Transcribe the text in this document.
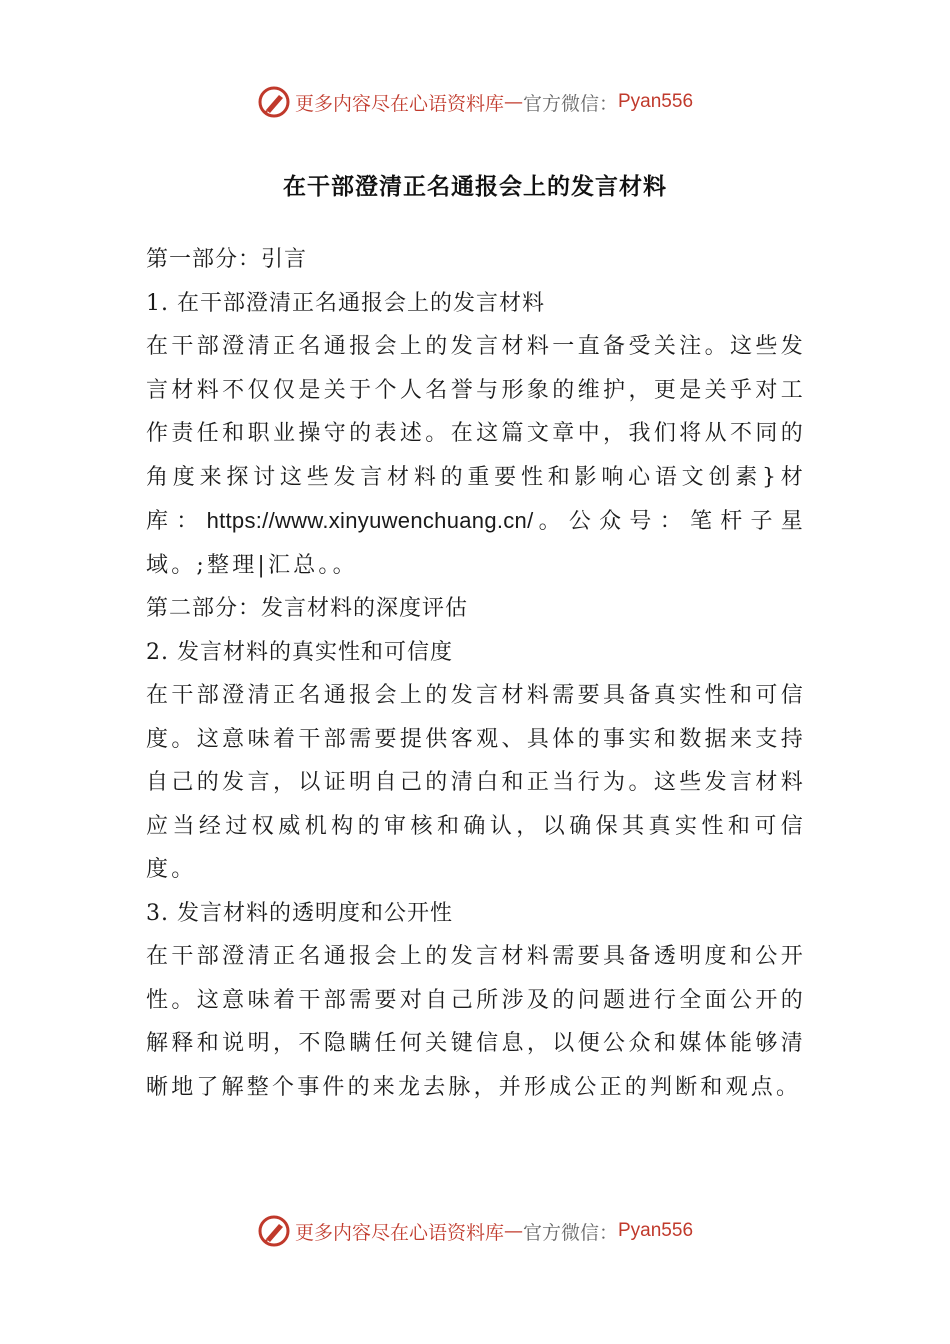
更多内容尽在心语资料库 — 官方微信： Pyan556
在干部澄清正名通报会上的发言材料

第一部分：引言

1. 在干部澄清正名通报会上的发言材料

在干部澄清正名通报会上的发言材料一直备受关注。这些发言材料不仅仅是关于个人名誉与形象的维护，更是关乎对工作责任和职业操守的表述。在这篇文章中，我们将从不同的角度来探讨这些发言材料的重要性和影响心语文创素}材库：https://www.xinyuwenchuang.cn/。公众号：笔杆子星域。;整理|汇总。。

第二部分：发言材料的深度评估

2. 发言材料的真实性和可信度

在干部澄清正名通报会上的发言材料需要具备真实性和可信度。这意味着干部需要提供客观、具体的事实和数据来支持自己的发言，以证明自己的清白和正当行为。这些发言材料应当经过权威机构的审核和确认，以确保其真实性和可信度。

3. 发言材料的透明度和公开性

在干部澄清正名通报会上的发言材料需要具备透明度和公开性。这意味着干部需要对自己所涉及的问题进行全面公开的解释和说明，不隐瞒任何关键信息，以便公众和媒体能够清晰地了解整个事件的来龙去脉，并形成公正的判断和观点。

更多内容尽在心语资料库 — 官方微信： Pyan556
